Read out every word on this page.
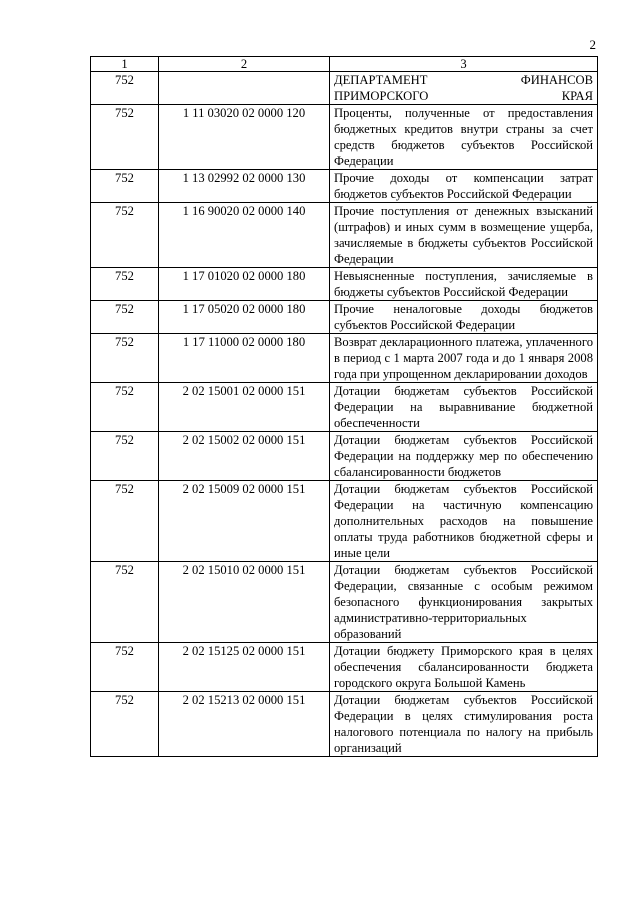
2
1	2	3
752		ДЕПАРТАМЕНТ ФИНАНСОВ ПРИМОРСКОГО КРАЯ
752	1 11 03020 02 0000 120	Проценты, полученные от предоставления бюджетных кредитов внутри страны за счет средств бюджетов субъектов Российской Федерации
752	1 13 02992 02 0000 130	Прочие доходы от компенсации затрат бюджетов субъектов Российской Федерации
752	1 16 90020 02 0000 140	Прочие поступления от денежных взысканий (штрафов) и иных сумм в возмещение ущерба, зачисляемые в бюджеты субъектов Российской Федерации
752	1 17 01020 02 0000 180	Невыясненные поступления, зачисляемые в бюджеты субъектов Российской Федерации
752	1 17 05020 02 0000 180	Прочие неналоговые доходы бюджетов субъектов Российской Федерации
752	1 17 11000 02 0000 180	Возврат декларационного платежа, уплаченного в период с 1 марта 2007 года и до 1 января 2008 года при упрощенном декларировании доходов
752	2 02 15001 02 0000 151	Дотации бюджетам субъектов Российской Федерации на выравнивание бюджетной обеспеченности
752	2 02 15002 02 0000 151	Дотации бюджетам субъектов Российской Федерации на поддержку мер по обеспечению сбалансированности бюджетов
752	2 02 15009 02 0000 151	Дотации бюджетам субъектов Российской Федерации на частичную компенсацию дополнительных расходов на повышение оплаты труда работников бюджетной сферы и иные цели
752	2 02 15010 02 0000 151	Дотации бюджетам субъектов Российской Федерации, связанные с особым режимом безопасного функционирования закрытых административно-территориальных образований
752	2 02 15125 02 0000 151	Дотации бюджету Приморского края в целях обеспечения сбалансированности бюджета городского округа Большой Камень
752	2 02 15213 02 0000 151	Дотации бюджетам субъектов Российской Федерации в целях стимулирования роста налогового потенциала по налогу на прибыль организаций
